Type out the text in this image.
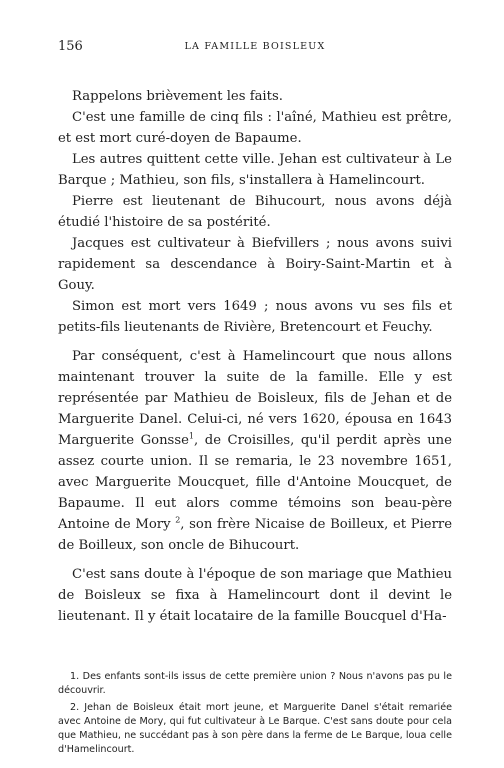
156	LA FAMILLE BOISLEUX

Rappelons brièvement les faits.

C'est une famille de cinq fils : l'aîné, Mathieu est prêtre, et est mort curé-doyen de Bapaume.

Les autres quittent cette ville. Jehan est cultivateur à Le Barque ; Mathieu, son fils, s'installera à Hamelincourt.

Pierre est lieutenant de Bihucourt, nous avons déjà étudié l'histoire de sa postérité.

Jacques est cultivateur à Biefvillers ; nous avons suivi rapidement sa descendance à Boiry-Saint-Martin et à Gouy.

Simon est mort vers 1649 ; nous avons vu ses fils et petits-fils lieutenants de Rivière, Bretencourt et Feuchy.

Par conséquent, c'est à Hamelincourt que nous allons maintenant trouver la suite de la famille. Elle y est représentée par Mathieu de Boisleux, fils de Jehan et de Marguerite Danel. Celui-ci, né vers 1620, épousa en 1643 Marguerite Gonsse$^1$, de Croisilles, qu'il perdit après une assez courte union. Il se remaria, le 23 novembre 1651, avec Marguerite Moucquet, fille d'Antoine Moucquet, de Bapaume. Il eut alors comme témoins son beau-père Antoine de Mory $^2$, son frère Nicaise de Boilleux, et Pierre de Boilleux, son oncle de Bihucourt.

C'est sans doute à l'époque de son mariage que Mathieu de Boisleux se fixa à Hamelincourt dont il devint le lieutenant. Il y était locataire de la famille Boucquel d'Ha-

1. Des enfants sont-ils issus de cette première union ? Nous n'avons pas pu le découvrir.

2. Jehan de Boisleux était mort jeune, et Marguerite Danel s'était remariée avec Antoine de Mory, qui fut cultivateur à Le Barque. C'est sans doute pour cela que Mathieu, ne succédant pas à son père dans la ferme de Le Barque, loua celle d'Hamelincourt.
